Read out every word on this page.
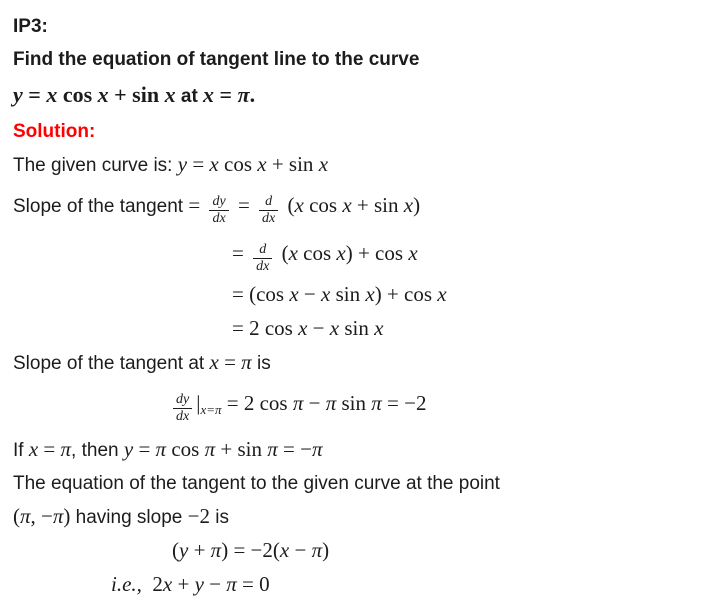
IP3:
Find the equation of tangent line to the curve
y = x cos x + sin x at x = π.
Solution:
The given curve is: y = x cos x + sin x
Slope of the tangent = $\frac{dy}{dx} = \frac{d}{dx} (x$ cos x + sin x)
= $\frac{d}{dx} (x$ cos x) + cos x
= (cos x − x sin x) + cos x
= 2 cos x − x sin x
Slope of the tangent at x = π is
$\frac{dy}{dx} |_{x=\pi} = 2$ cos π − π sin π = −2
If x = π, then y = π cos π + sin π = −π
The equation of the tangent to the given curve at the point
(π, −π) having slope −2 is
(y + π) = −2(x − π)
i.e.,  2x + y − π = 0
